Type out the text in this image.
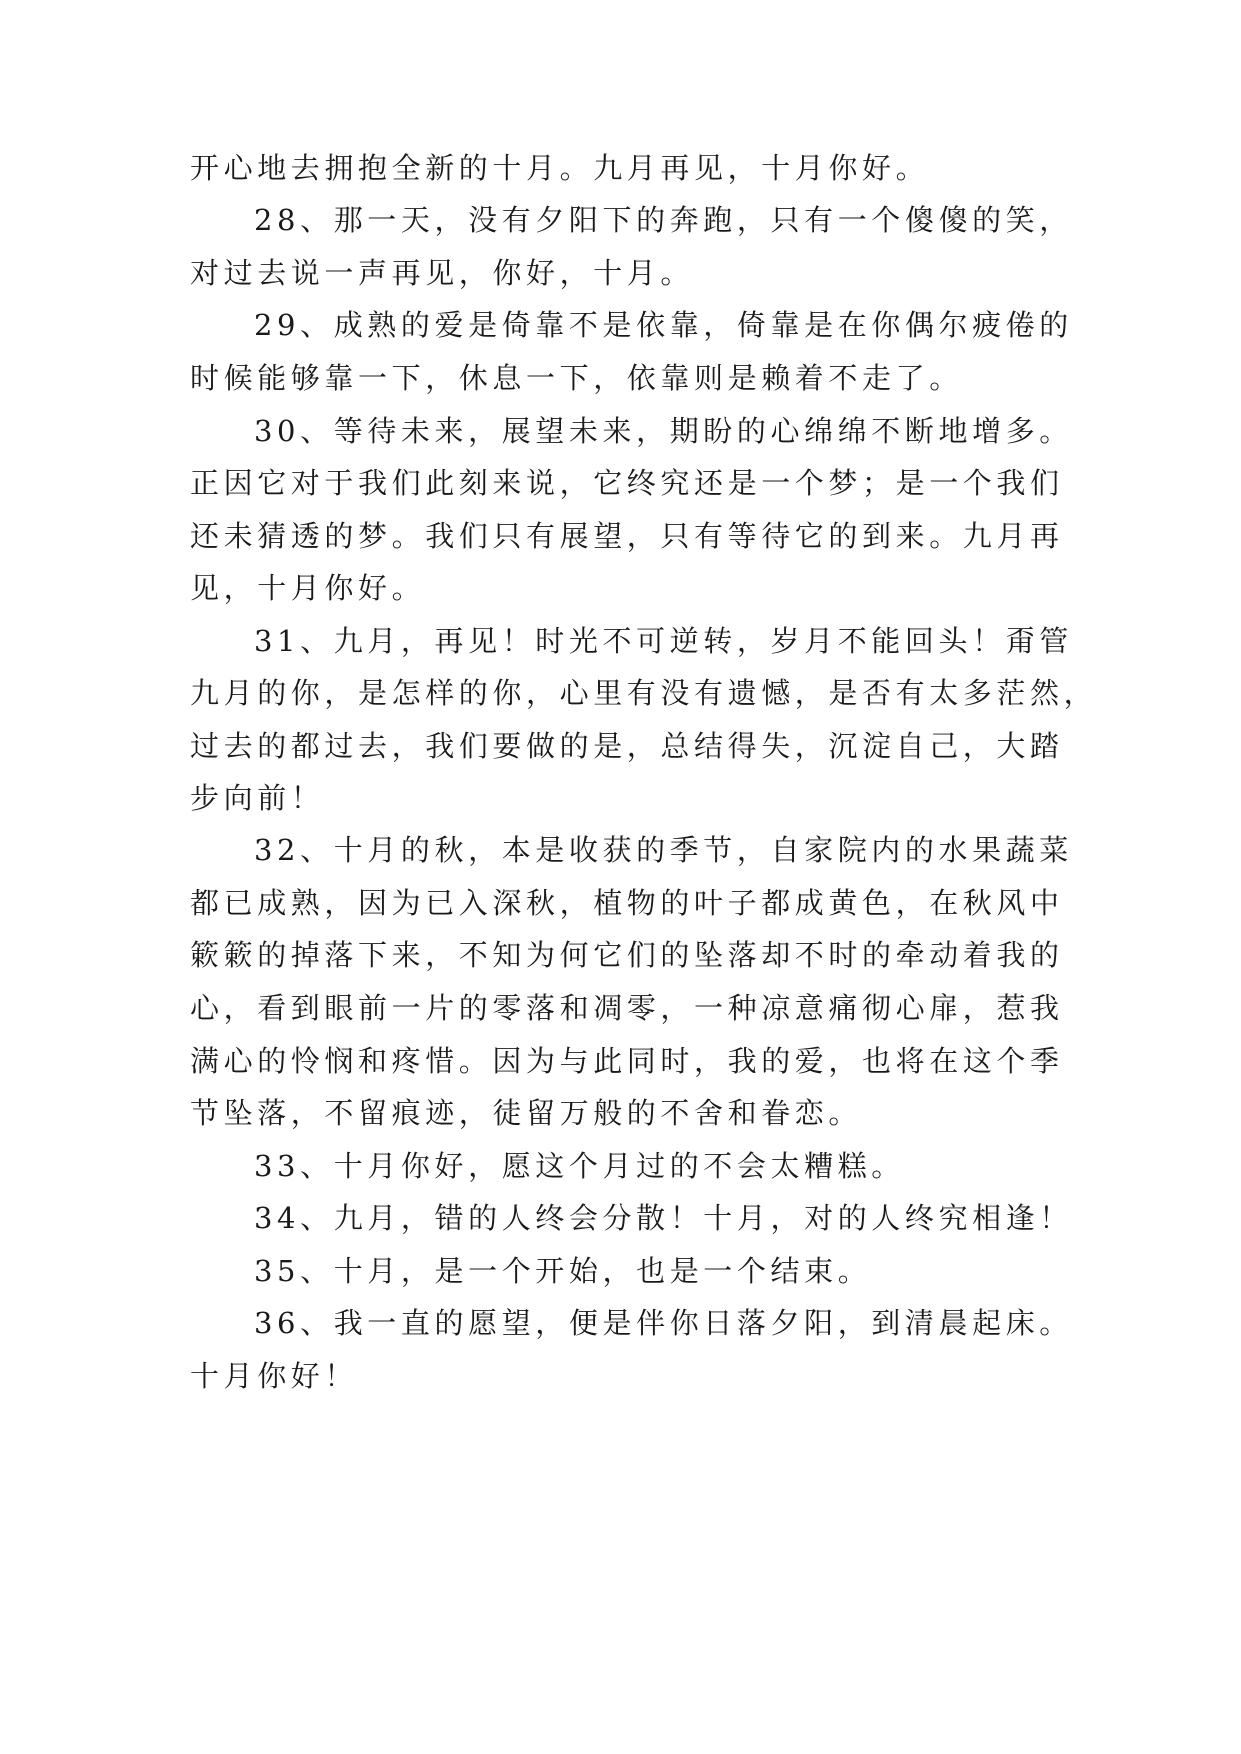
开心地去拥抱全新的十月。九月再见，十月你好。
28、那一天，没有夕阳下的奔跑，只有一个傻傻的笑，
对过去说一声再见，你好，十月。
29、成熟的爱是倚靠不是依靠，倚靠是在你偶尔疲倦的
时候能够靠一下，休息一下，依靠则是赖着不走了。
30、等待未来，展望未来，期盼的心绵绵不断地增多。
正因它对于我们此刻来说，它终究还是一个梦；是一个我们
还未猜透的梦。我们只有展望，只有等待它的到来。九月再
见，十月你好。
31、九月，再见！时光不可逆转，岁月不能回头！甭管
九月的你，是怎样的你，心里有没有遗憾，是否有太多茫然，
过去的都过去，我们要做的是，总结得失，沉淀自己，大踏
步向前！
32、十月的秋，本是收获的季节，自家院内的水果蔬菜
都已成熟，因为已入深秋，植物的叶子都成黄色，在秋风中
簌簌的掉落下来，不知为何它们的坠落却不时的牵动着我的
心，看到眼前一片的零落和凋零，一种凉意痛彻心扉，惹我
满心的怜悯和疼惜。因为与此同时，我的爱，也将在这个季
节坠落，不留痕迹，徒留万般的不舍和眷恋。
33、十月你好，愿这个月过的不会太糟糕。
34、九月，错的人终会分散！十月，对的人终究相逢！
35、十月，是一个开始，也是一个结束。
36、我一直的愿望，便是伴你日落夕阳，到清晨起床。
十月你好！
